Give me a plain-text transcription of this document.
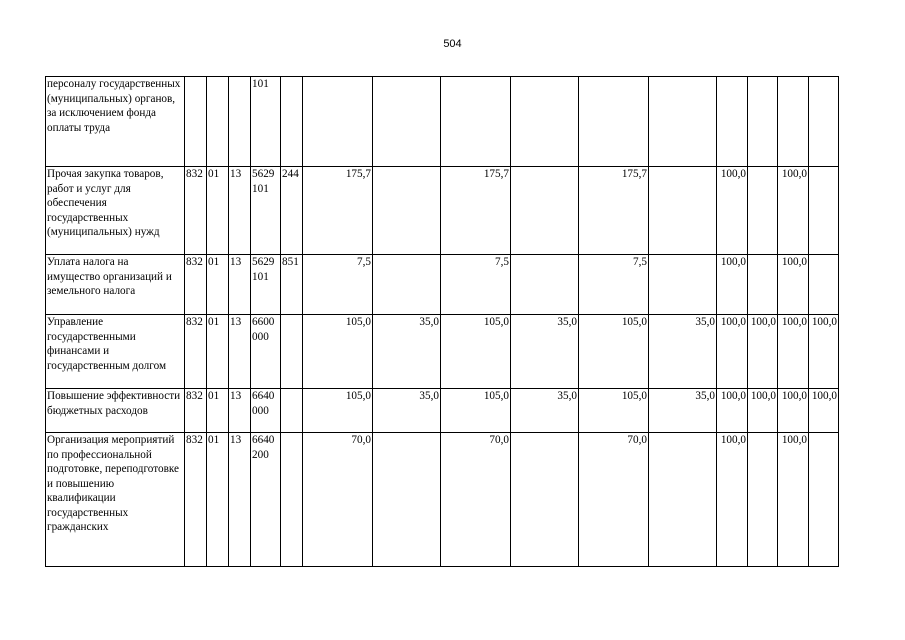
504
персоналу государственных (муниципальных) органов, за исключением фонда оплаты труда				101											
Прочая закупка товаров, работ и услуг для обеспечения государственных (муниципальных) нужд	832	01	13	5629 101	244	175,7		175,7		175,7		100,0		100,0	
Уплата налога на имущество организаций и земельного налога	832	01	13	5629 101	851	7,5		7,5		7,5		100,0		100,0	
Управление государственными финансами и государственным долгом	832	01	13	6600 000		105,0	35,0	105,0	35,0	105,0	35,0	100,0	100,0	100,0	100,0
Повышение эффективности бюджетных расходов	832	01	13	6640 000		105,0	35,0	105,0	35,0	105,0	35,0	100,0	100,0	100,0	100,0
Организация мероприятий по профессиональной подготовке, переподготовке и повышению квалификации государственных гражданских	832	01	13	6640 200		70,0		70,0		70,0		100,0		100,0	
